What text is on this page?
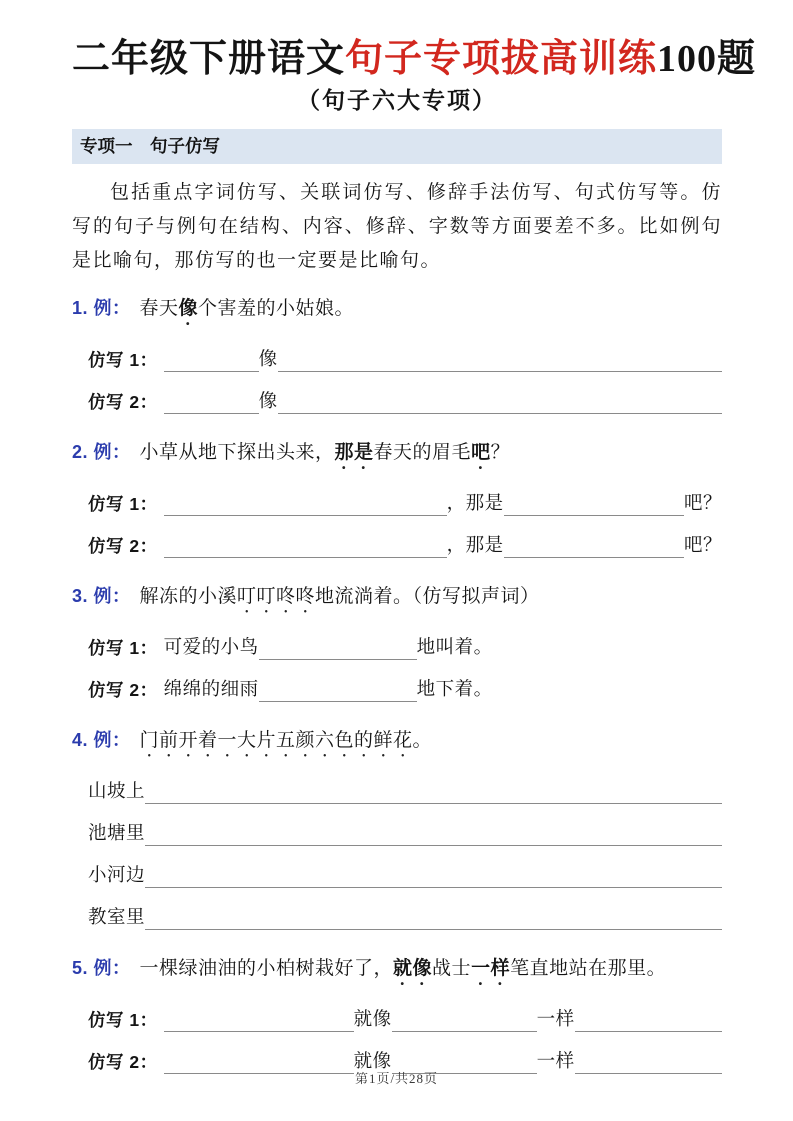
二年级下册语文句子专项拔高训练100题
（句子六大专项）
专项一　句子仿写

包括重点字词仿写、关联词仿写、修辞手法仿写、句式仿写等。仿写的句子与例句在结构、内容、修辞、字数等方面要差不多。比如例句是比喻句，那仿写的也一定要是比喻句。

1. 例： 春天像个害羞的小姑娘。
仿写 1：	像
仿写 2：	像
2. 例： 小草从地下探出头来，那是春天的眉毛吧？
仿写 1：	，那是	吧？
仿写 2：	，那是	吧？
3. 例： 解冻的小溪叮叮咚咚地流淌着。（仿写拟声词）
仿写 1： 可爱的小鸟	地叫着。
仿写 2： 绵绵的细雨	地下着。
4. 例： 门前开着一大片五颜六色的鲜花。
山坡上
池塘里
小河边
教室里
5. 例： 一棵绿油油的小柏树栽好了，就像战士一样笔直地站在那里。
仿写 1：	就像	一样
仿写 2：	就像	一样
第1页/共28页
